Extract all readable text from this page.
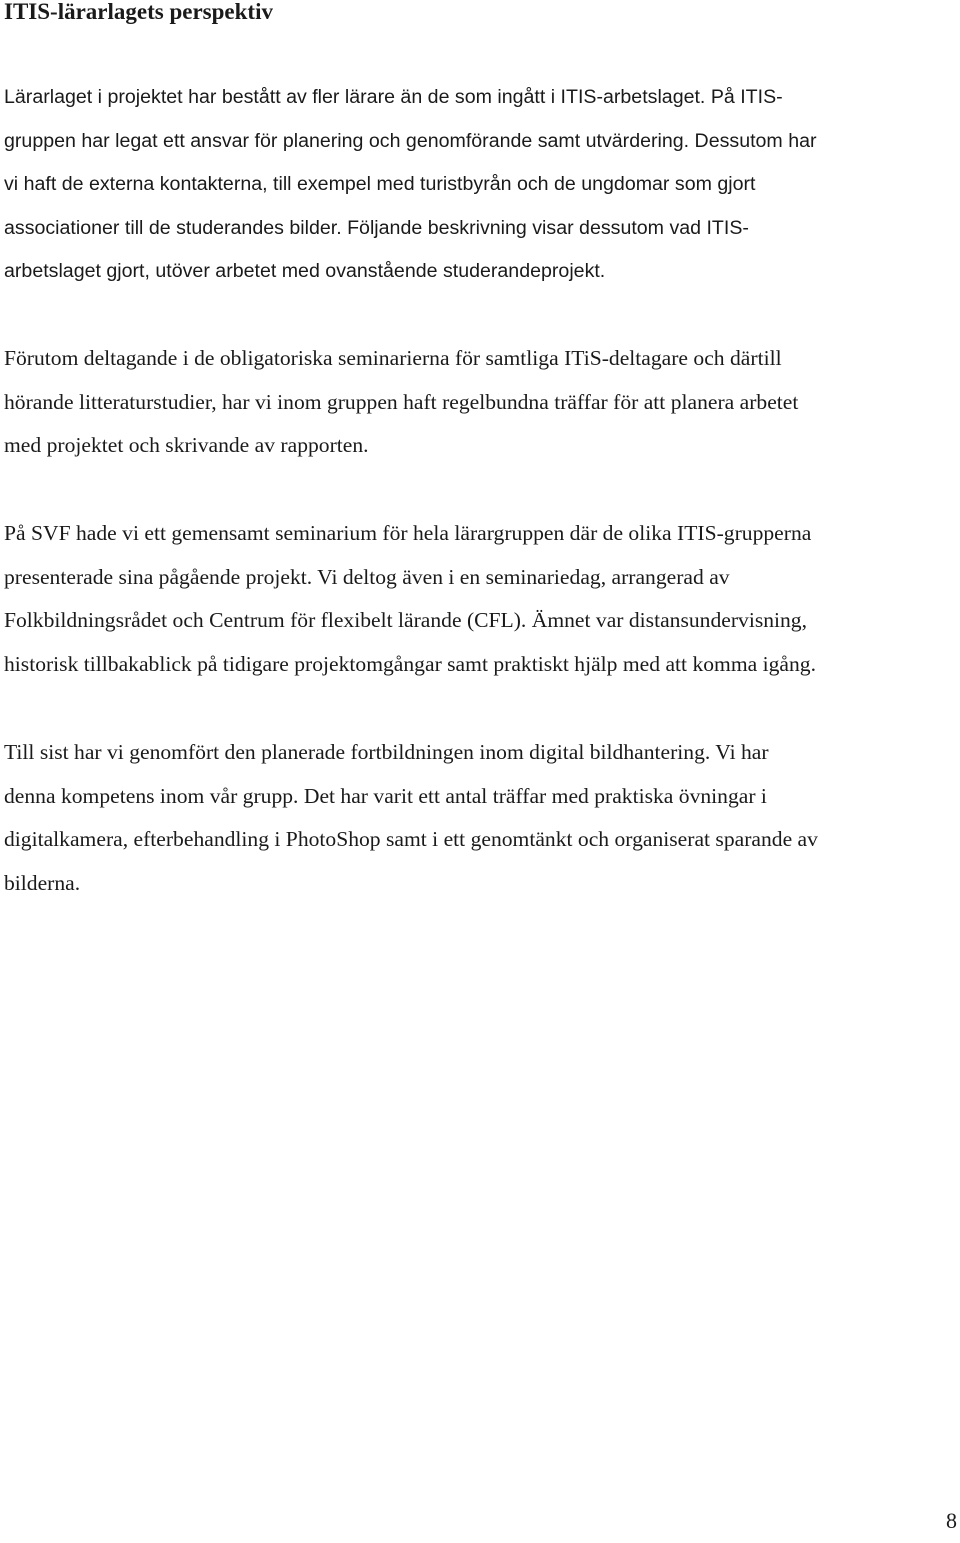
ITIS-lärarlagets perspektiv

Lärarlaget i projektet har bestått av fler lärare än de som ingått i ITIS-arbetslaget. På ITIS-
gruppen har legat ett ansvar för planering och genomförande samt utvärdering. Dessutom har
vi haft de externa kontakterna, till exempel med turistbyrån och de ungdomar som gjort
associationer till de studerandes bilder. Följande beskrivning visar dessutom vad ITIS-
arbetslaget gjort, utöver arbetet med ovanstående studerandeprojekt.

Förutom deltagande i de obligatoriska seminarierna för samtliga ITiS-deltagare och därtill
hörande litteraturstudier, har vi inom gruppen haft regelbundna träffar för att planera arbetet
med projektet och skrivande av rapporten.

På SVF hade vi ett gemensamt seminarium för hela lärargruppen där de olika ITIS-grupperna
presenterade sina pågående projekt. Vi deltog även i en seminariedag, arrangerad av
Folkbildningsrådet och Centrum för flexibelt lärande (CFL). Ämnet var distansundervisning,
historisk tillbakablick på tidigare projektomgångar samt praktiskt hjälp med att komma igång.

Till sist har vi genomfört den planerade fortbildningen inom digital bildhantering. Vi har
denna kompetens inom vår grupp. Det har varit ett antal träffar med praktiska övningar i
digitalkamera, efterbehandling i PhotoShop samt i ett genomtänkt och organiserat sparande av
bilderna.

8
